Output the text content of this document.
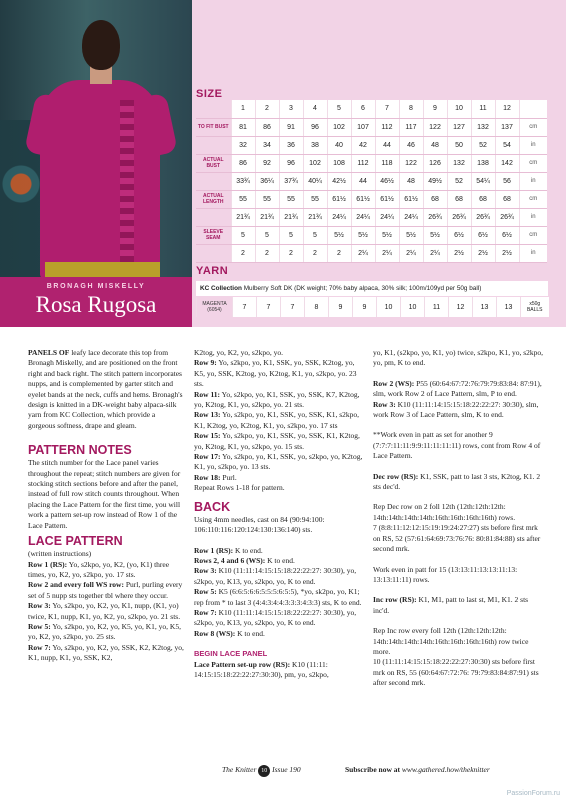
BRONAGH MISKELLY
Rosa Rugosa
SIZE
	1	2	3	4	5	6	7	8	9	10	11	12	
TO FIT BUST	81	86	91	96	102	107	112	117	122	127	132	137	cm
	32	34	36	38	40	42	44	46	48	50	52	54	in
ACTUAL BUST	86	92	96	102	108	112	118	122	126	132	138	142	cm
	33¾	36¼	37¾	40¼	42½	44	46½	48	49½	52	54¼	56	in
ACTUAL LENGTH	55	55	55	55	61½	61½	61½	61½	68	68	68	68	cm
	21¾	21¾	21¾	21¾	24¼	24¼	24¼	24¼	26¾	26¾	26¾	26¾	in
SLEEVE SEAM	5	5	5	5	5½	5½	5½	5½	5½	6½	6½	6½	cm
	2	2	2	2	2	2¼	2¼	2¼	2¼	2½	2½	2½	in
YARN
KC Collection Mulberry Soft DK (DK weight; 70% baby alpaca, 30% silk; 100m/109yd per 50g ball)
MAGENTA (6054)	7	7	7	8	9	9	10	10	11	12	13	13	x50g BALLS

PANELS OF leafy lace decorate this top from Bronagh Miskelly, and are positioned on the front right and back right. The stitch pattern incorporates nupps, and is complemented by garter stitch and eyelet bands at the neck, cuffs and hems. Bronagh's design is knitted in a DK-weight baby alpaca-silk yarn from KC Collection, which provide a gorgeous softness, drape and gleam.

PATTERN NOTES

The stitch number for the Lace panel varies throughout the repeat; stitch numbers are given for stocking stitch sections before and after the panel, instead of full row stitch counts throughout. When placing the Lace Pattern for the first time, you will work a pattern set-up row instead of Row 1 of the Lace Pattern.

LACE PATTERN

(written instructions)

Row 1 (RS): Yo, s2kpo, yo, K2, (yo, K1) three times, yo, K2, yo, s2kpo, yo. 17 sts.

Row 2 and every foll WS row: Purl, purling every set of 5 nupp sts together tbl where they occur.

Row 3: Yo, s2kpo, yo, K2, yo, K1, nupp, (K1, yo) twice, K1, nupp, K1, yo, K2, yo, s2kpo, yo. 21 sts.

Row 5: Yo, s2kpo, yo, K2, yo, K5, yo, K1, yo, K5, yo, K2, yo, s2kpo, yo. 25 sts.

Row 7: Yo, s2kpo, yo, K2, yo, SSK, K2, K2tog, yo, K1, nupp, K1, yo, SSK, K2,

K2tog, yo, K2, yo, s2kpo, yo.

Row 9: Yo, s2kpo, yo, K1, SSK, yo, SSK, K2tog, yo, K5, yo, SSK, K2tog, yo, K2tog, K1, yo, s2kpo, yo. 23 sts.

Row 11: Yo, s2kpo, yo, K1, SSK, yo, SSK, K7, K2tog, yo, K2tog, K1, yo, s2kpo, yo. 21 sts.

Row 13: Yo, s2kpo, yo, K1, SSK, yo, SSK, K1, s2kpo, K1, K2tog, yo, K2tog, K1, yo, s2kpo, yo. 17 sts

Row 15: Yo, s2kpo, yo, K1, SSK, yo, SSK, K1, K2tog, yo, K2tog, K1, yo, s2kpo, yo. 15 sts.

Row 17: Yo, s2kpo, yo, K1, SSK, yo, s2kpo, yo, K2tog, K1, yo, s2kpo, yo. 13 sts.

Row 18: Purl.

Repeat Rows 1-18 for pattern.

BACK

Using 4mm needles, cast on 84 (90:94:100: 106:110:116:120:124:130:136:140) sts.

Row 1 (RS): K to end.

Rows 2, 4 and 6 (WS): K to end.

Row 3: K10 (11:11:14:15:15:18:22:22:27: 30:30), yo, s2kpo, yo, K13, yo, s2kpo, yo, K to end.

Row 5: K5 (6:6:5:6:6:5:5:5:6:5:5), *yo, sk2po, yo, K1; rep from * to last 3 (4:4:3:4:4:3:3:3:4:3:3) sts, K to end.

Row 7: K10 (11:11:14:15:15:18:22:22:27: 30:30), yo, s2kpo, yo, K13, yo, s2kpo, yo, K to end.

Row 8 (WS): K to end.

BEGIN LACE PANEL

Lace Pattern set-up row (RS): K10 (11:11: 14:15:15:18:22:22:27:30:30), pm, yo, s2kpo,

yo, K1, (s2kpo, yo, K1, yo) twice, s2kpo, K1, yo, s2kpo, yo, pm, K to end.

Row 2 (WS): P55 (60:64:67:72:76:79:79:83:84: 87:91), slm, work Row 2 of Lace Pattern, slm, P to end.

Row 3: K10 (11:11:14:15:15:18:22:22:27: 30:30), slm, work Row 3 of Lace Pattern, slm, K to end.

**Work even in patt as set for another 9 (7:7:7:11:11:9:9:11:11:11:11) rows, cont from Row 4 of Lace Pattern.

Dec row (RS): K1, SSK, patt to last 3 sts, K2tog, K1. 2 sts dec'd.

Rep Dec row on 2 foll 12th (12th:12th:12th: 14th:14th:14th:14th:16th:16th:16th:16th) rows.

7 (8:8:11:12:12:15:19:19:24:27:27) sts before first mrk on RS, 52 (57:61:64:69:73:76:76: 80:81:84:88) sts after second mrk.

Work even in patt for 15 (13:13:11:13:13:11:13: 13:13:11:11) rows.

Inc row (RS): K1, M1, patt to last st, M1, K1. 2 sts inc'd.

Rep Inc row every foll 12th (12th:12th:12th: 14th:14th:14th:14th:16th:16th:16th:16th) row twice more.

10 (11:11:14:15:15:18:22:22:27:30:30) sts before first mrk on RS, 55 (60:64:67:72:76: 79:79:83:84:87:91) sts after second mrk.

The Knitter 10 Issue 190	Subscribe now at www.gathered.how/theknitter
PassionForum.ru
